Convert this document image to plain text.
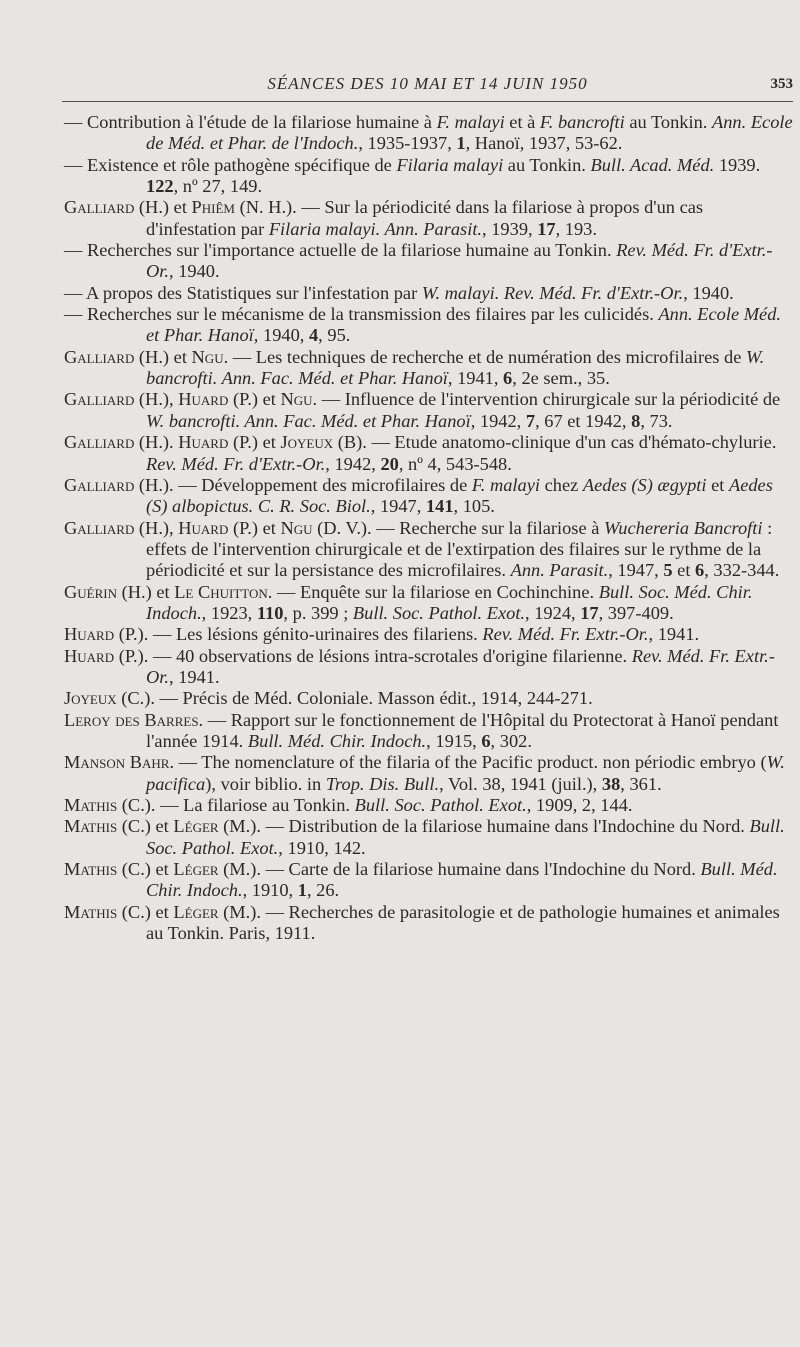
SÉANCES DES 10 MAI ET 14 JUIN 1950	353

— Contribution à l'étude de la filariose humaine à F. malayi et à F. bancrofti au Tonkin. Ann. Ecole de Méd. et Phar. de l'Indoch., 1935-1937, 1, Hanoï, 1937, 53-62.

— Existence et rôle pathogène spécifique de Filaria malayi au Tonkin. Bull. Acad. Méd. 1939. 122, nº 27, 149.

Galliard (H.) et Phiêm (N. H.). — Sur la périodicité dans la filariose à propos d'un cas d'infestation par Filaria malayi. Ann. Parasit., 1939, 17, 193.

— Recherches sur l'importance actuelle de la filariose humaine au Tonkin. Rev. Méd. Fr. d'Extr.-Or., 1940.

— A propos des Statistiques sur l'infestation par W. malayi. Rev. Méd. Fr. d'Extr.-Or., 1940.

— Recherches sur le mécanisme de la transmission des filaires par les culicidés. Ann. Ecole Méd. et Phar. Hanoï, 1940, 4, 95.

Galliard (H.) et Ngu. — Les techniques de recherche et de numération des microfilaires de W. bancrofti. Ann. Fac. Méd. et Phar. Hanoï, 1941, 6, 2e sem., 35.

Galliard (H.), Huard (P.) et Ngu. — Influence de l'intervention chirurgicale sur la périodicité de W. bancrofti. Ann. Fac. Méd. et Phar. Hanoï, 1942, 7, 67 et 1942, 8, 73.

Galliard (H.). Huard (P.) et Joyeux (B). — Etude anatomo-clinique d'un cas d'hémato-chylurie. Rev. Méd. Fr. d'Extr.-Or., 1942, 20, nº 4, 543-548.

Galliard (H.). — Développement des microfilaires de F. malayi chez Aedes (S) ægypti et Aedes (S) albopictus. C. R. Soc. Biol., 1947, 141, 105.

Galliard (H.), Huard (P.) et Ngu (D. V.). — Recherche sur la filariose à Wuchereria Bancrofti : effets de l'intervention chirurgicale et de l'extirpation des filaires sur le rythme de la périodicité et sur la persistance des microfilaires. Ann. Parasit., 1947, 5 et 6, 332-344.

Guérin (H.) et Le Chuitton. — Enquête sur la filariose en Cochinchine. Bull. Soc. Méd. Chir. Indoch., 1923, 110, p. 399 ; Bull. Soc. Pathol. Exot., 1924, 17, 397-409.

Huard (P.). — Les lésions génito-urinaires des filariens. Rev. Méd. Fr. Extr.-Or., 1941.

Huard (P.). — 40 observations de lésions intra-scrotales d'origine filarienne. Rev. Méd. Fr. Extr.-Or., 1941.

Joyeux (C.). — Précis de Méd. Coloniale. Masson édit., 1914, 244-271.

Leroy des Barres. — Rapport sur le fonctionnement de l'Hôpital du Protectorat à Hanoï pendant l'année 1914. Bull. Méd. Chir. Indoch., 1915, 6, 302.

Manson Bahr. — The nomenclature of the filaria of the Pacific product. non périodic embryo (W. pacifica), voir biblio. in Trop. Dis. Bull., Vol. 38, 1941 (juil.), 38, 361.

Mathis (C.). — La filariose au Tonkin. Bull. Soc. Pathol. Exot., 1909, 2, 144.

Mathis (C.) et Léger (M.). — Distribution de la filariose humaine dans l'Indochine du Nord. Bull. Soc. Pathol. Exot., 1910, 142.

Mathis (C.) et Léger (M.). — Carte de la filariose humaine dans l'Indochine du Nord. Bull. Méd. Chir. Indoch., 1910, 1, 26.

Mathis (C.) et Léger (M.). — Recherches de parasitologie et de pathologie humaines et animales au Tonkin. Paris, 1911.
